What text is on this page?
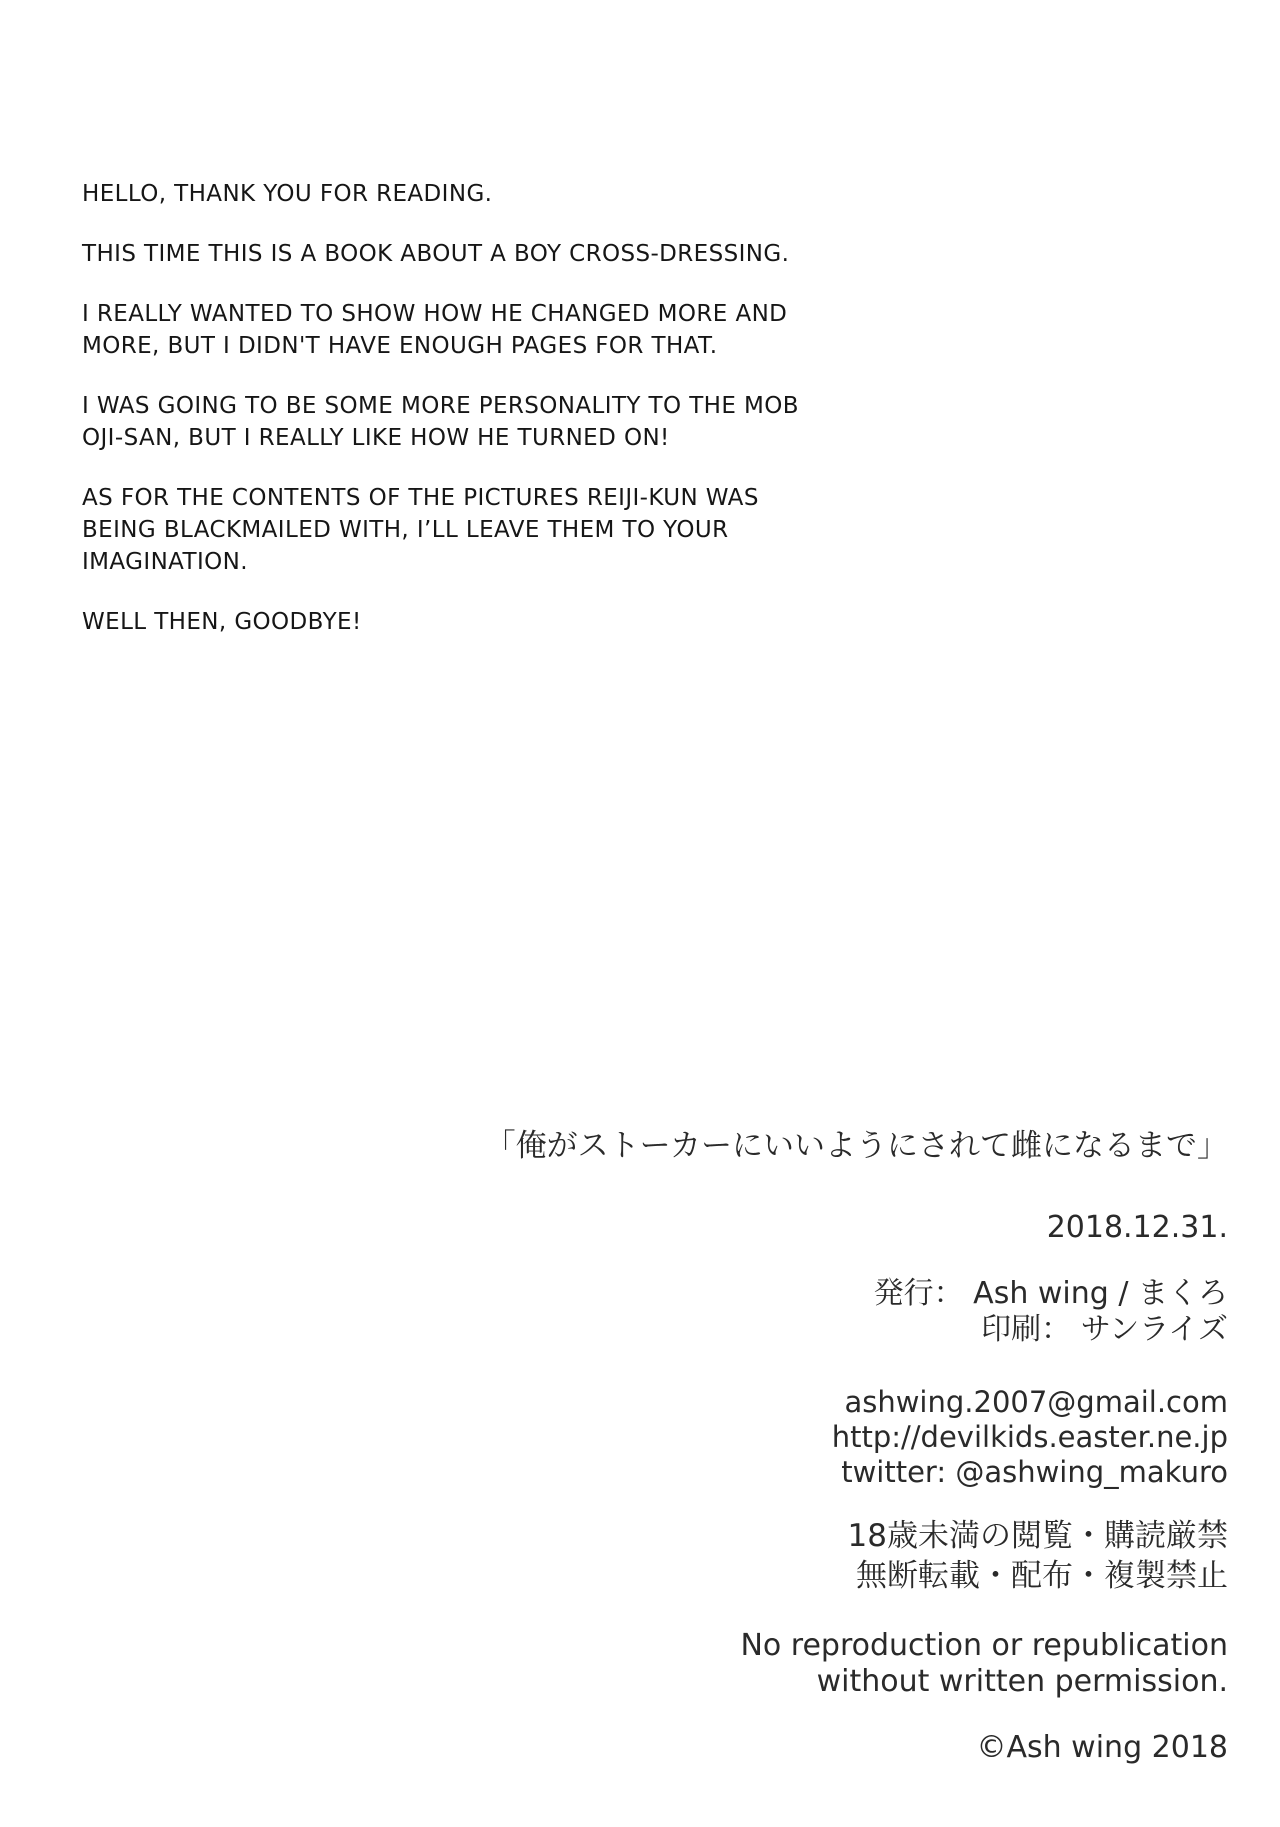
HELLO, THANK YOU FOR READING.

THIS TIME THIS IS A BOOK ABOUT A BOY CROSS-DRESSING.

I REALLY WANTED TO SHOW HOW HE CHANGED MORE AND
MORE, BUT I DIDN'T HAVE ENOUGH PAGES FOR THAT.

I WAS GOING TO BE SOME MORE PERSONALITY TO THE MOB
OJI-SAN, BUT I REALLY LIKE HOW HE TURNED ON!

AS FOR THE CONTENTS OF THE PICTURES REIJI-KUN WAS
BEING BLACKMAILED WITH, I’LL LEAVE THEM TO YOUR
IMAGINATION.

WELL THEN, GOODBYE!

「俺がストーカーにいいようにされて雌になるまで」
2018.12.31.
発行： Ash wing / まくろ
印刷： サンライズ
ashwing.2007@gmail.com
http://devilkids.easter.ne.jp
twitter: @ashwing_makuro
18歳未満の閲覧・購読厳禁
無断転載・配布・複製禁止
No reproduction or republication
without written permission.
©Ash wing 2018
